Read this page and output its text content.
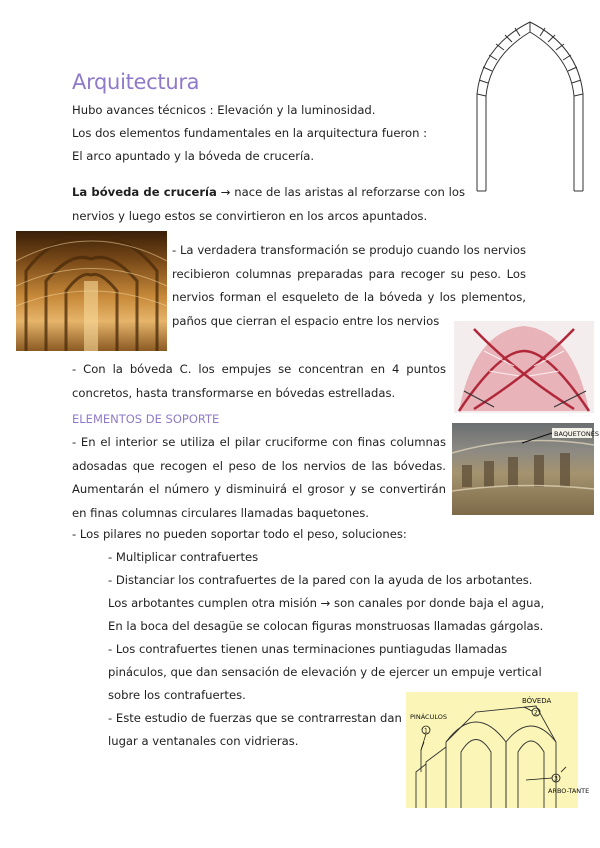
Arquitectura
Hubo avances técnicos : Elevación y la luminosidad.
Los dos elementos fundamentales en la arquitectura fueron :
El arco apuntado y la bóveda de crucería.
La bóveda de crucería → nace de las aristas al reforzarse con los nervios y luego estos se convirtieron en los arcos apuntados.
- La verdadera transformación se produjo cuando los nervios recibieron columnas preparadas para recoger su peso. Los nervios forman el esqueleto de la bóveda y los plementos, paños que cierran el espacio entre los nervios
- Con la bóveda C. los empujes se concentran en 4 puntos concretos, hasta transformarse en bóvedas estrelladas.
ELEMENTOS DE SOPORTE
- En el interior se utiliza el pilar cruciforme con finas columnas adosadas que recogen el peso de los nervios de las bóvedas. Aumentarán el número y disminuirá el grosor y se convertirán en finas columnas circulares llamadas baquetones.
BAQUETONES
- Los pilares no pueden soportar todo el peso, soluciones:
- Multiplicar contrafuertes
- Distanciar los contrafuertes de la pared con la ayuda de los arbotantes.
Los arbotantes cumplen otra misión → son canales por donde baja el agua,
En la boca del desagüe se colocan figuras monstruosas llamadas gárgolas.
- Los contrafuertes tienen unas terminaciones puntiagudas llamadas
pináculos, que dan sensación de elevación y de ejercer un empuje vertical
sobre los contrafuertes.
- Este estudio de fuerzas que se contrarrestan dan
lugar a ventanales con vidrieras.
BÓVEDA
PINÁCULOS
ARBO-TANTE
2
1
3
